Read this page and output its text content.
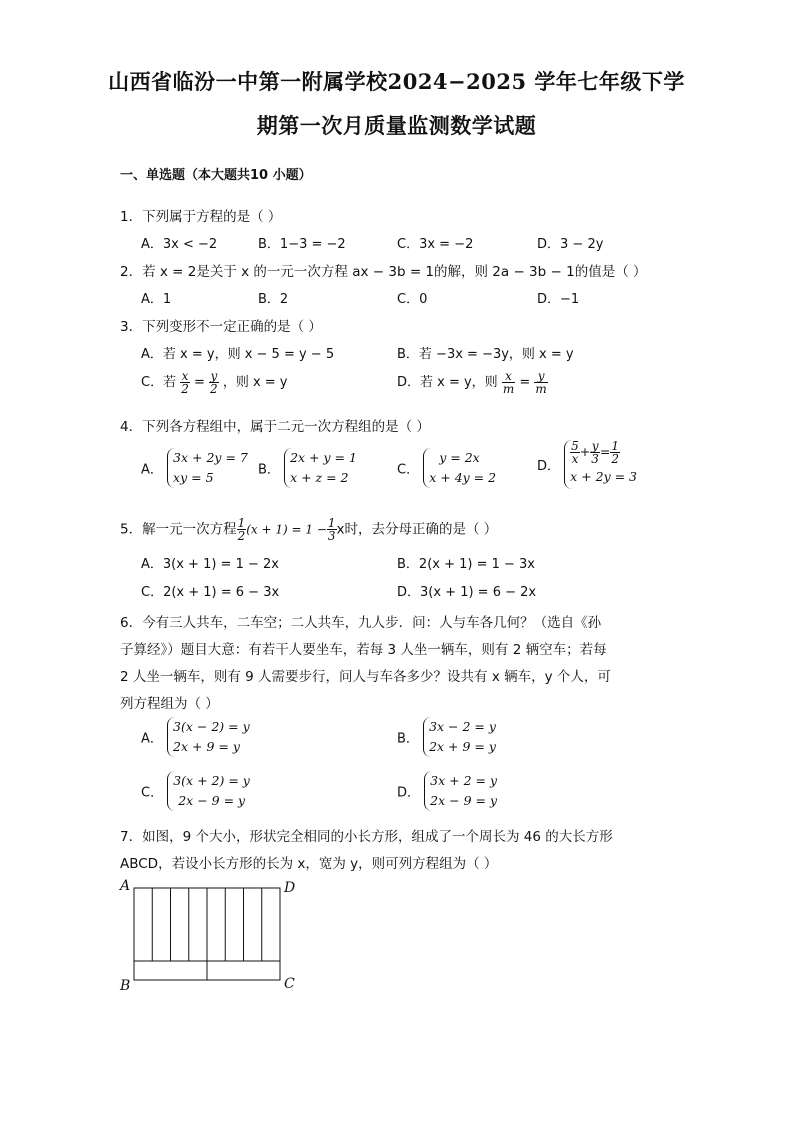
山西省临汾一中第一附属学校2024−2025 学年七年级下学
期第一次月质量监测数学试题
一、单选题（本大题共10 小题）
1．下列属于方程的是（ ）
A．3x < −2	B．1−3 = −2	C．3x = −2	D．3 − 2y
2．若 x = 2是关于 x 的一元一次方程 ax − 3b = 1的解，则 2a − 3b − 1的值是（ ）
A．1	B．2	C．0	D．−1
3．下列变形不一定正确的是（ ）
A．若 x = y，则 x − 5 = y − 5	B．若 −3x = −3y，则 x = y
C．若 $\frac{x}{2} = \frac{y}{2}$ ，则 x = y	D．若 x = y，则 $\frac{x}{m} = \frac{y}{m}$
4．下列各方程组中，属于二元一次方程组的是（ ）
A．
3x + 2y = 7
xy = 5	B．
2x + y = 1
x + z = 2	C．
y = 2x
x + 4y = 2
D．
$\frac{5}{x} + \frac{y}{3} = \frac{1}{2}$
x + 2y = 3
5．解一元一次方程 $\frac{1}{2} (x + 1) = 1 - \frac{1}{3}$ x时，去分母正确的是（ ）
A．3(x + 1) = 1 − 2x	B．2(x + 1) = 1 − 3x
C．2(x + 1) = 6 − 3x	D．3(x + 1) = 6 − 2x
6．今有三人共车，二车空；二人共车，九人步．问：人与车各几何？（选自《孙
子算经》）题目大意：有若干人要坐车，若每 3 人坐一辆车，则有 2 辆空车；若每
2 人坐一辆车，则有 9 人需要步行，问人与车各多少？设共有 x 辆车，y 个人，可
列方程组为（ ）
A．
3(x − 2) = y
2x + 9 = y	B．
3x − 2 = y
2x + 9 = y
C．
3(x + 2) = y
2x − 9 = y	D．
3x + 2 = y
2x − 9 = y
7．如图，9 个大小，形状完全相同的小长方形，组成了一个周长为 46 的大长方形
ABCD，若设小长方形的长为 x，宽为 y，则可列方程组为（ ）
A	D
B	C
